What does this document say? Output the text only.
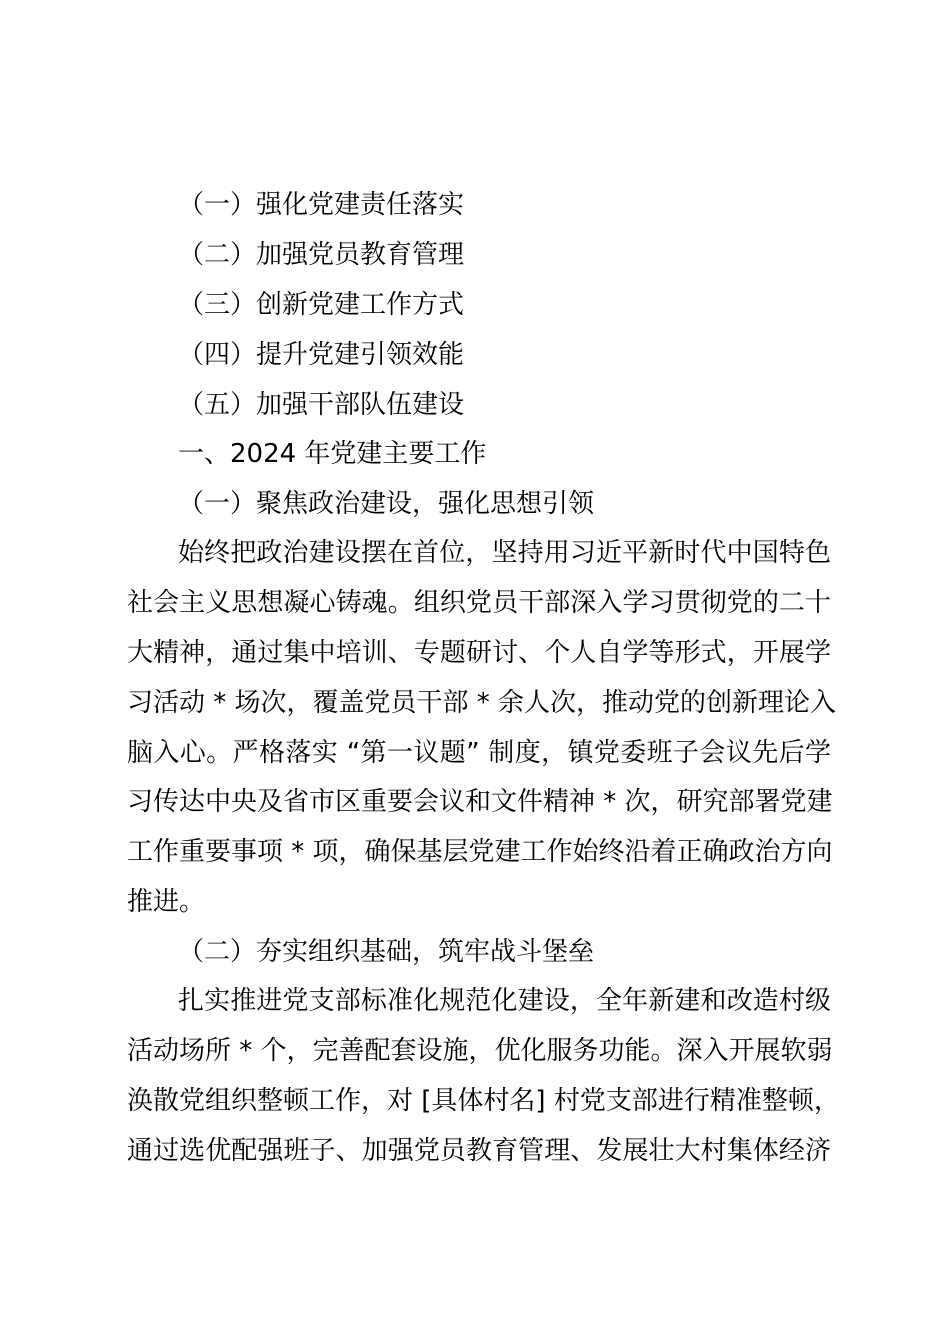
（一）强化党建责任落实
（二）加强党员教育管理
（三）创新党建工作方式
（四）提升党建引领效能
（五）加强干部队伍建设
一、2024 年党建主要工作
（一）聚焦政治建设，强化思想引领
始终把政治建设摆在首位，坚持用习近平新时代中国特色
社会主义思想凝心铸魂。组织党员干部深入学习贯彻党的二十
大精神，通过集中培训、专题研讨、个人自学等形式，开展学
习活动 * 场次，覆盖党员干部 * 余人次，推动党的创新理论入
脑入心。严格落实 “第一议题” 制度，镇党委班子会议先后学
习传达中央及省市区重要会议和文件精神 * 次，研究部署党建
工作重要事项 * 项，确保基层党建工作始终沿着正确政治方向
推进。
（二）夯实组织基础，筑牢战斗堡垒
扎实推进党支部标准化规范化建设，全年新建和改造村级
活动场所 * 个，完善配套设施，优化服务功能。深入开展软弱
涣散党组织整顿工作，对 [具体村名] 村党支部进行精准整顿，
通过选优配强班子、加强党员教育管理、发展壮大村集体经济
